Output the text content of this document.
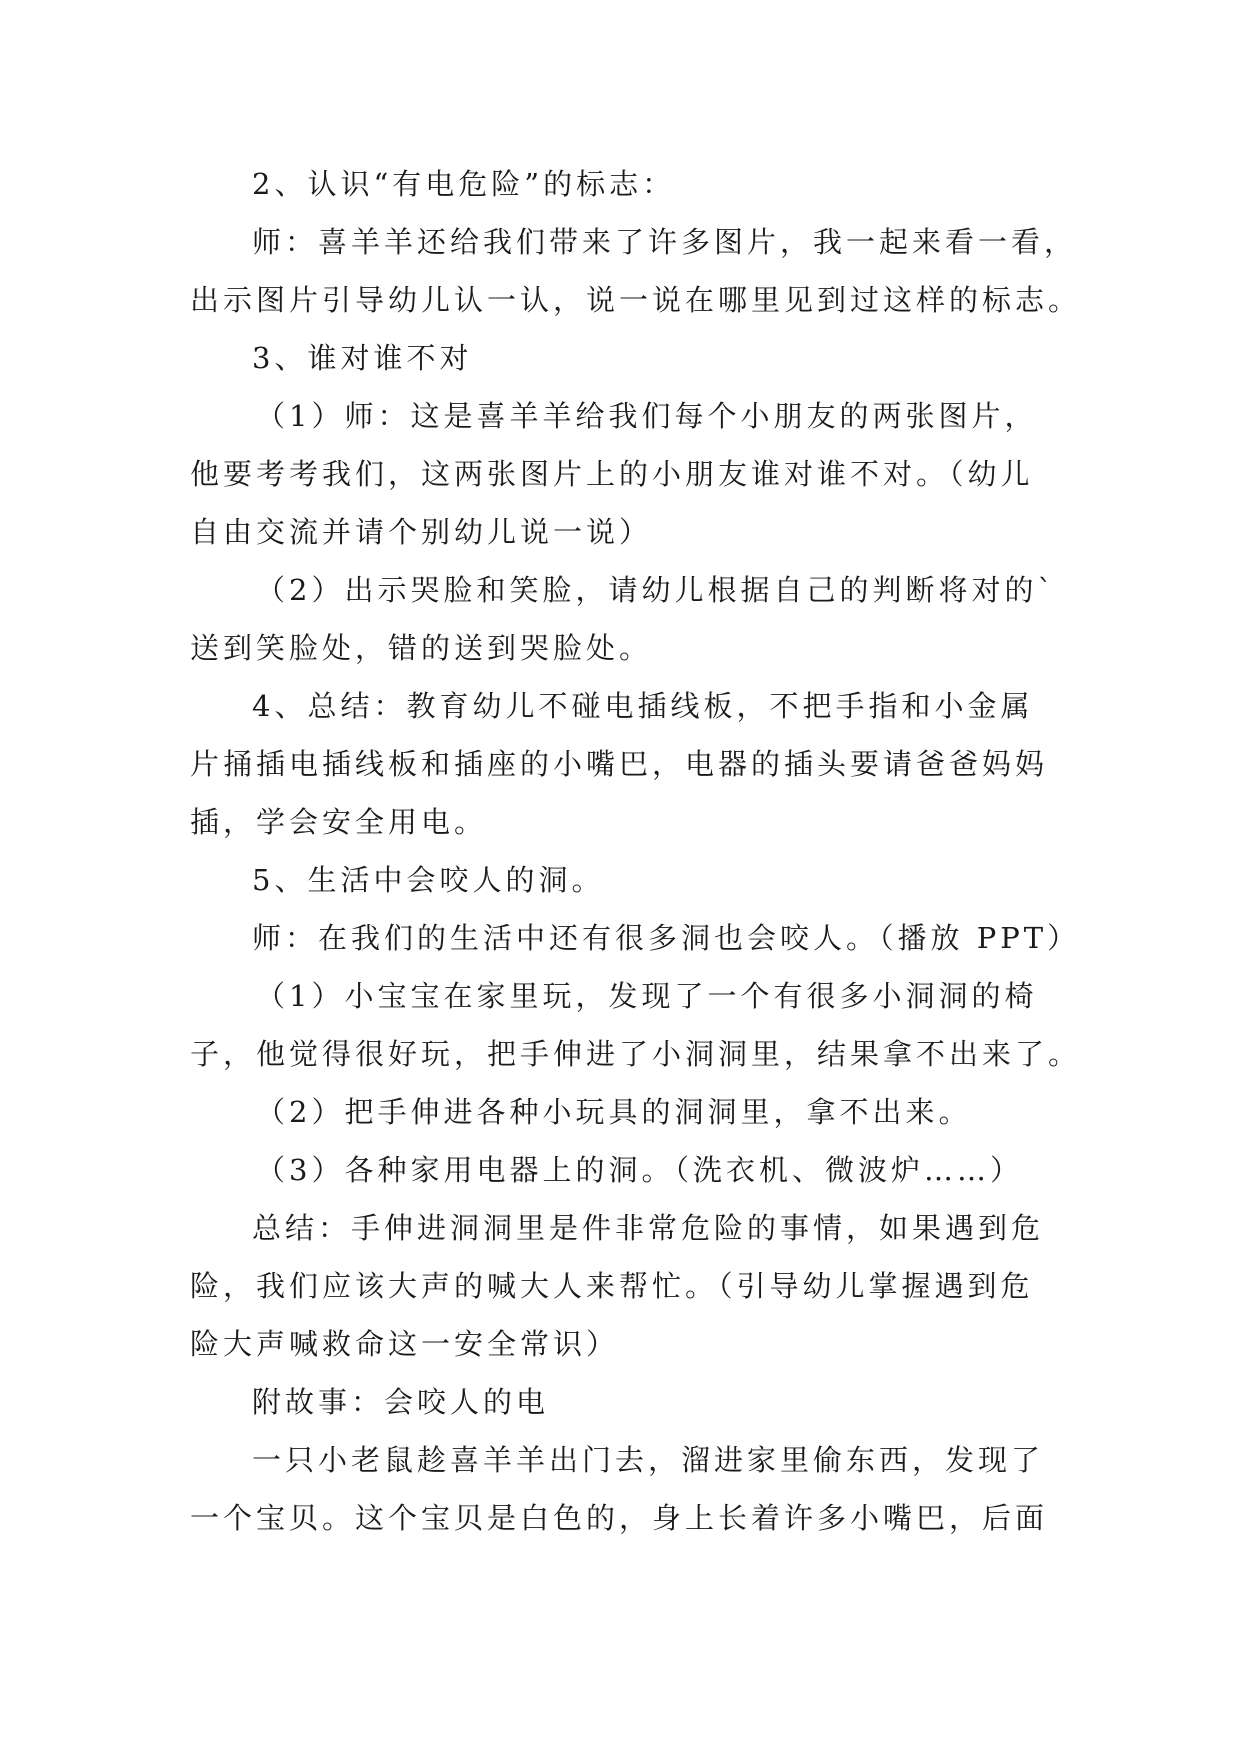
2、认识“有电危险”的标志：

师：喜羊羊还给我们带来了许多图片，我一起来看一看，

出示图片引导幼儿认一认，说一说在哪里见到过这样的标志。

3、谁对谁不对

（1）师：这是喜羊羊给我们每个小朋友的两张图片，

他要考考我们，这两张图片上的小朋友谁对谁不对。（幼儿

自由交流并请个别幼儿说一说）

（2）出示哭脸和笑脸，请幼儿根据自己的判断将对的`

送到笑脸处，错的送到哭脸处。

4、总结：教育幼儿不碰电插线板，不把手指和小金属

片捅插电插线板和插座的小嘴巴，电器的插头要请爸爸妈妈

插，学会安全用电。

5、生活中会咬人的洞。

师：在我们的生活中还有很多洞也会咬人。（播放 PPT）

（1）小宝宝在家里玩，发现了一个有很多小洞洞的椅

子，他觉得很好玩，把手伸进了小洞洞里，结果拿不出来了。

（2）把手伸进各种小玩具的洞洞里，拿不出来。

（3）各种家用电器上的洞。（洗衣机、微波炉……）

总结：手伸进洞洞里是件非常危险的事情，如果遇到危

险，我们应该大声的喊大人来帮忙。（引导幼儿掌握遇到危

险大声喊救命这一安全常识）

附故事：会咬人的电

一只小老鼠趁喜羊羊出门去，溜进家里偷东西，发现了

一个宝贝。这个宝贝是白色的，身上长着许多小嘴巴，后面
